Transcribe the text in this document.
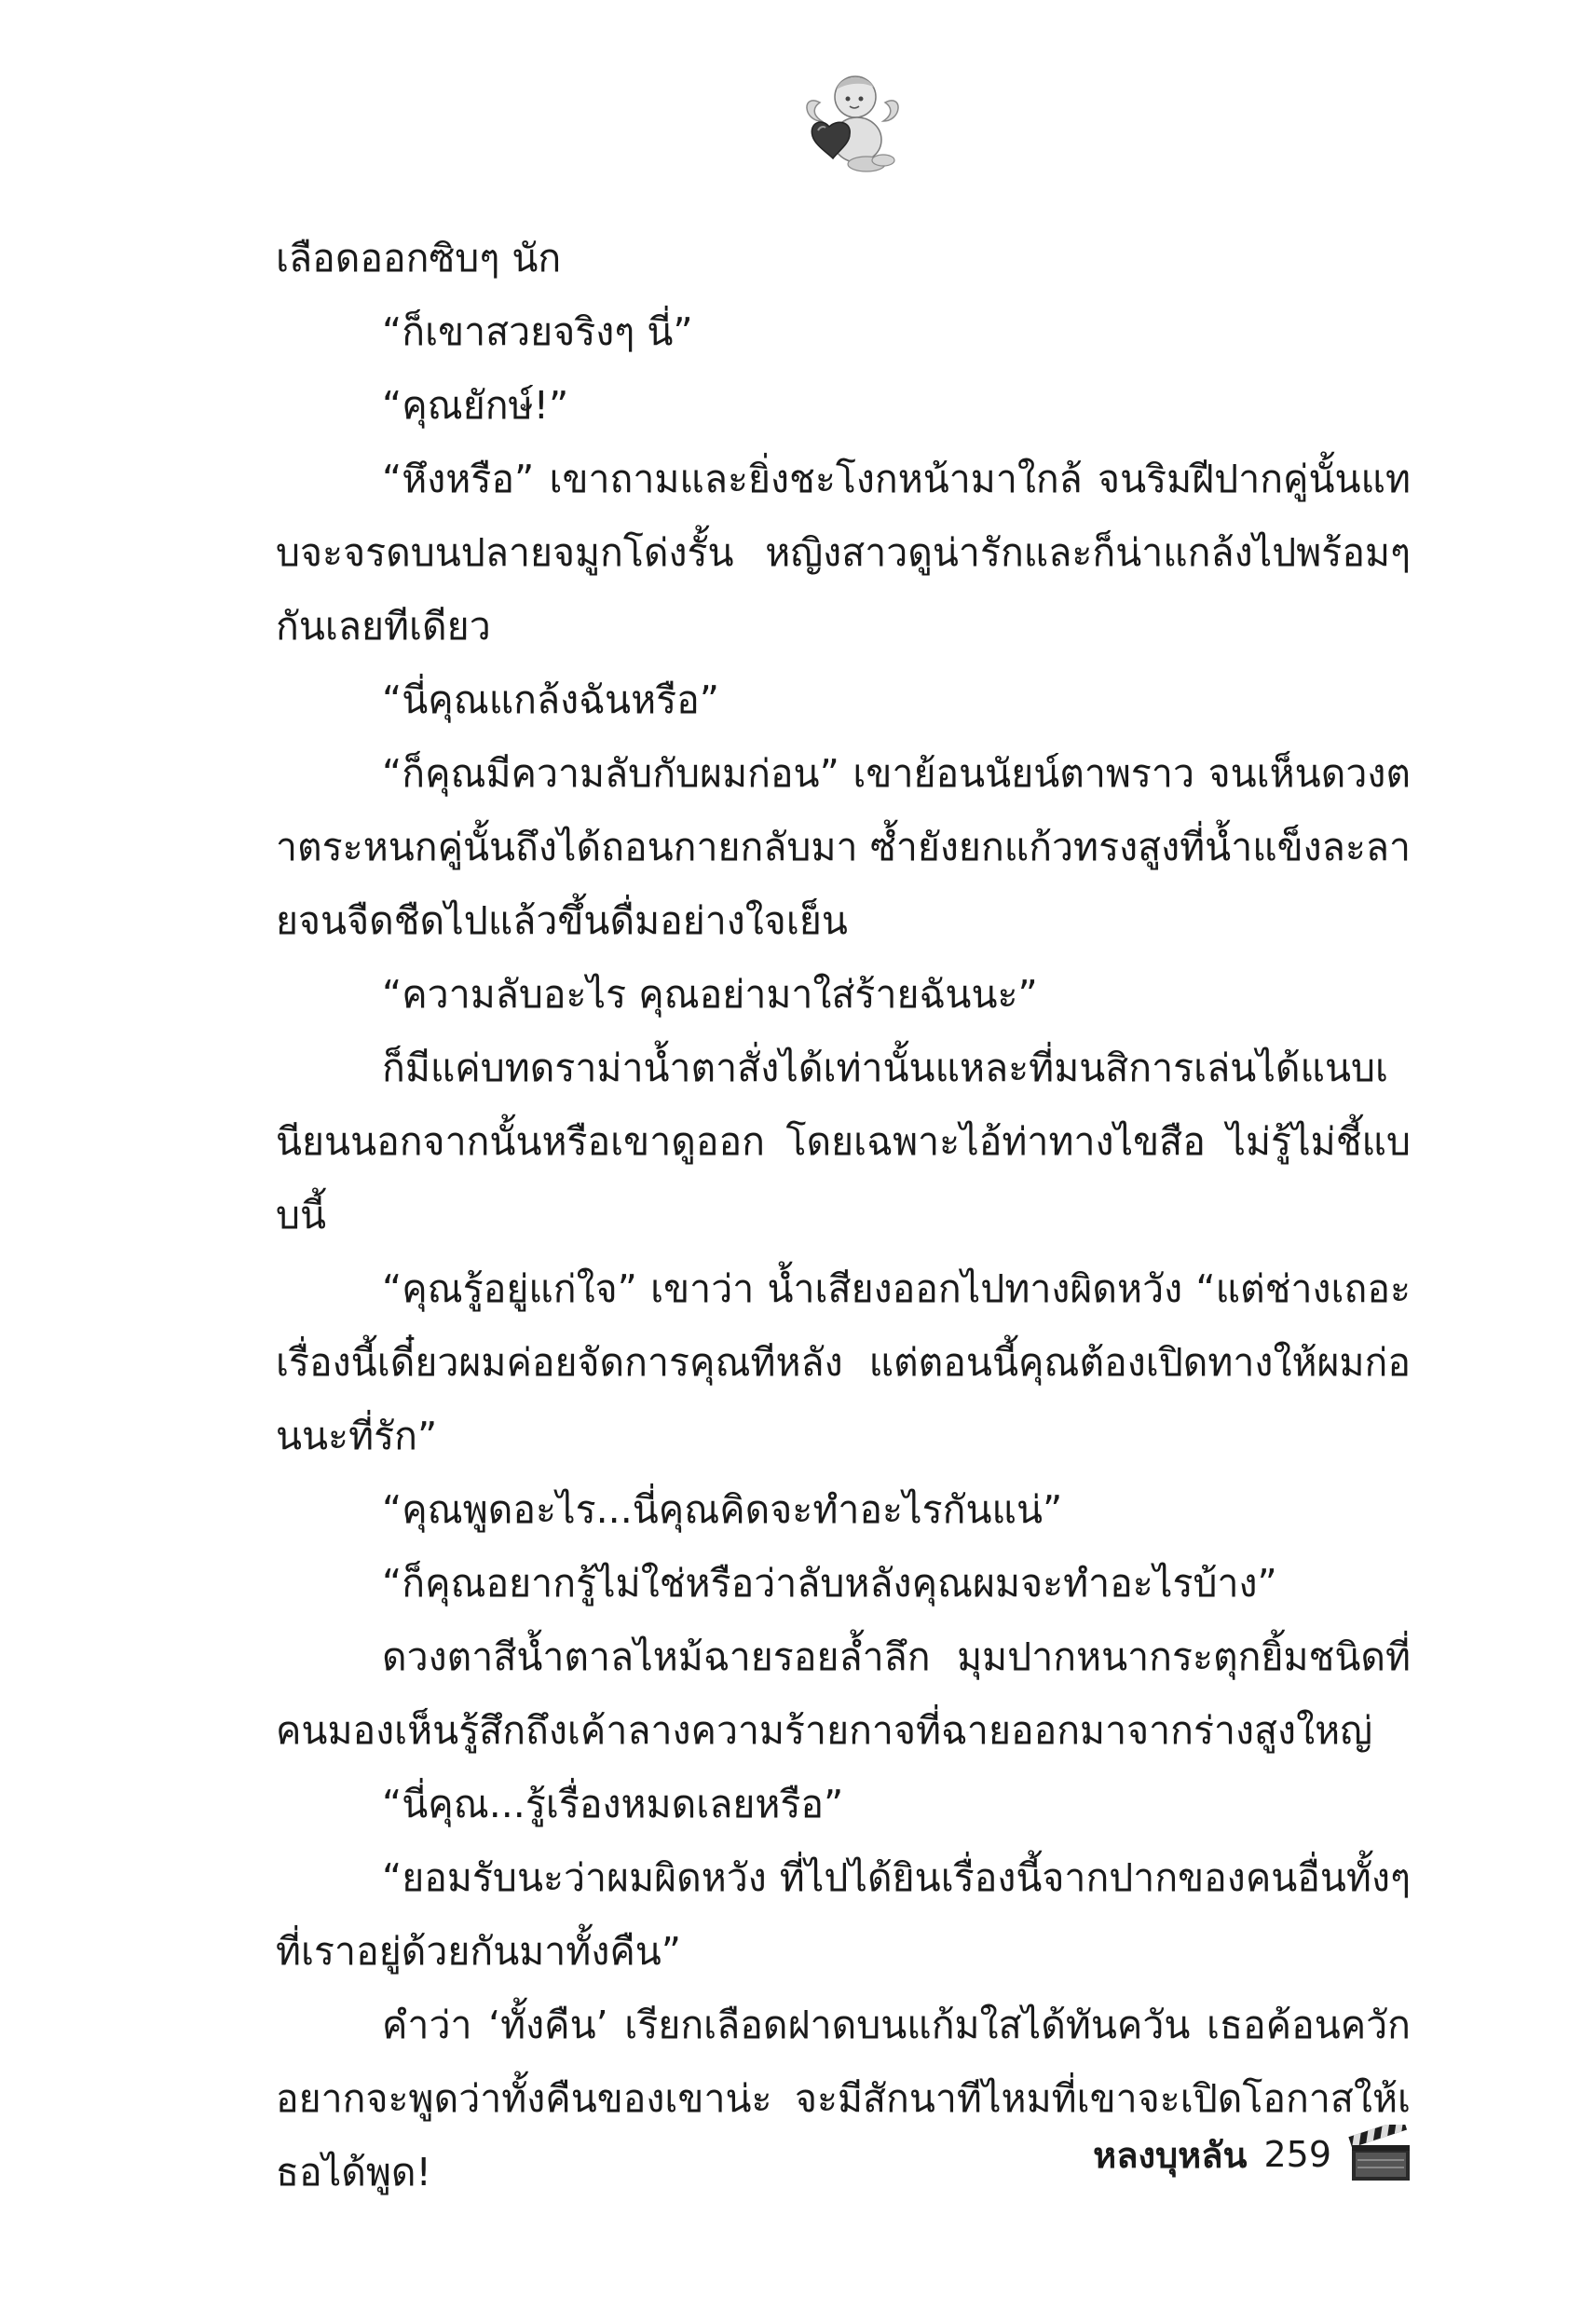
เลือดออกซิบๆ นัก

“ก็เขาสวยจริงๆ นี่”

“คุณยักษ์!”

“หึงหรือ” เขาถามและยิ่งชะโงกหน้ามาใกล้ จนริมฝีปากคู่นั้นแทบจะจรดบนปลายจมูกโด่งรั้น หญิงสาวดูน่ารักและก็น่าแกล้งไปพร้อมๆ กันเลยทีเดียว

“นี่คุณแกล้งฉันหรือ”

“ก็คุณมีความลับกับผมก่อน” เขาย้อนนัยน์ตาพราว จนเห็นดวงตาตระหนกคู่นั้นถึงได้ถอนกายกลับมา ซ้ำยังยกแก้วทรงสูงที่น้ำแข็งละลายจนจืดชืดไปแล้วขึ้นดื่มอย่างใจเย็น

“ความลับอะไร คุณอย่ามาใส่ร้ายฉันนะ”

ก็มีแค่บทดราม่าน้ำตาสั่งได้เท่านั้นแหละที่มนสิการเล่นได้แนบเนียนนอกจากนั้นหรือเขาดูออก โดยเฉพาะไอ้ท่าทางไขสือ ไม่รู้ไม่ชี้แบบนี้

“คุณรู้อยู่แก่ใจ” เขาว่า น้ำเสียงออกไปทางผิดหวัง “แต่ช่างเถอะเรื่องนี้เดี๋ยวผมค่อยจัดการคุณทีหลัง แต่ตอนนี้คุณต้องเปิดทางให้ผมก่อนนะที่รัก”

“คุณพูดอะไร...นี่คุณคิดจะทำอะไรกันแน่”

“ก็คุณอยากรู้ไม่ใช่หรือว่าลับหลังคุณผมจะทำอะไรบ้าง”

ดวงตาสีน้ำตาลไหม้ฉายรอยล้ำลึก มุมปากหนากระตุกยิ้มชนิดที่คนมองเห็นรู้สึกถึงเค้าลางความร้ายกาจที่ฉายออกมาจากร่างสูงใหญ่

“นี่คุณ...รู้เรื่องหมดเลยหรือ”

“ยอมรับนะว่าผมผิดหวัง ที่ไปได้ยินเรื่องนี้จากปากของคนอื่นทั้งๆ ที่เราอยู่ด้วยกันมาทั้งคืน”

คำว่า ‘ทั้งคืน’ เรียกเลือดฝาดบนแก้มใสได้ทันควัน เธอค้อนควักอยากจะพูดว่าทั้งคืนของเขาน่ะ จะมีสักนาทีไหมที่เขาจะเปิดโอกาสให้เธอได้พูด!	หลงบุหลัน 259
